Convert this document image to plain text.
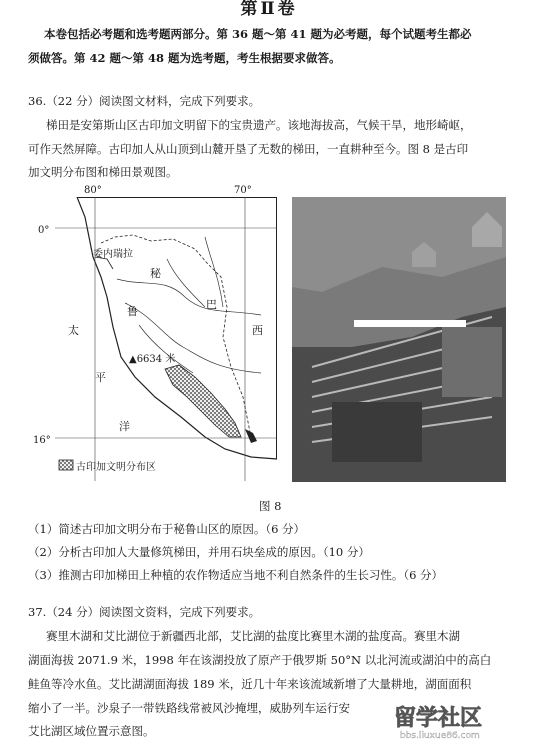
第Ⅱ卷
本卷包括必考题和选考题两部分。第 36 题～第 41 题为必考题，每个试题考生都必
须做答。第 42 题～第 48 题为选考题，考生根据要求做答。
36.（22 分）阅读图文材料，完成下列要求。
梯田是安第斯山区古印加文明留下的宝贵遗产。该地海拔高，气候干旱，地形崎岖，
可作天然屏障。古印加人从山顶到山麓开垦了无数的梯田，一直耕种至今。图 8 是古印
加文明分布图和梯田景观图。
80°	70°
0°
16°
委内瑞拉
秘
鲁
巴
西
太
平
洋
▲6634 米
古印加文明分布区
图 8
（1）简述古印加文明分布于秘鲁山区的原因。（6 分）
（2）分析古印加人大量修筑梯田，并用石块垒成的原因。（10 分）
（3）推测古印加梯田上种植的农作物适应当地不利自然条件的生长习性。（6 分）
37.（24 分）阅读图文资料，完成下列要求。
赛里木湖和艾比湖位于新疆西北部，艾比湖的盐度比赛里木湖的盐度高。赛里木湖
湖面海拔 2071.9 米，1998 年在该湖投放了原产于俄罗斯 50°N 以北河流或湖泊中的高白
鲑鱼等冷水鱼。艾比湖湖面海拔 189 米，近几十年来该流域新增了大量耕地，湖面面积
缩小了一半。沙泉子一带铁路线常被风沙掩埋，威胁列车运行安
艾比湖区域位置示意图。	留学社区
bbs.liuxue86.com
